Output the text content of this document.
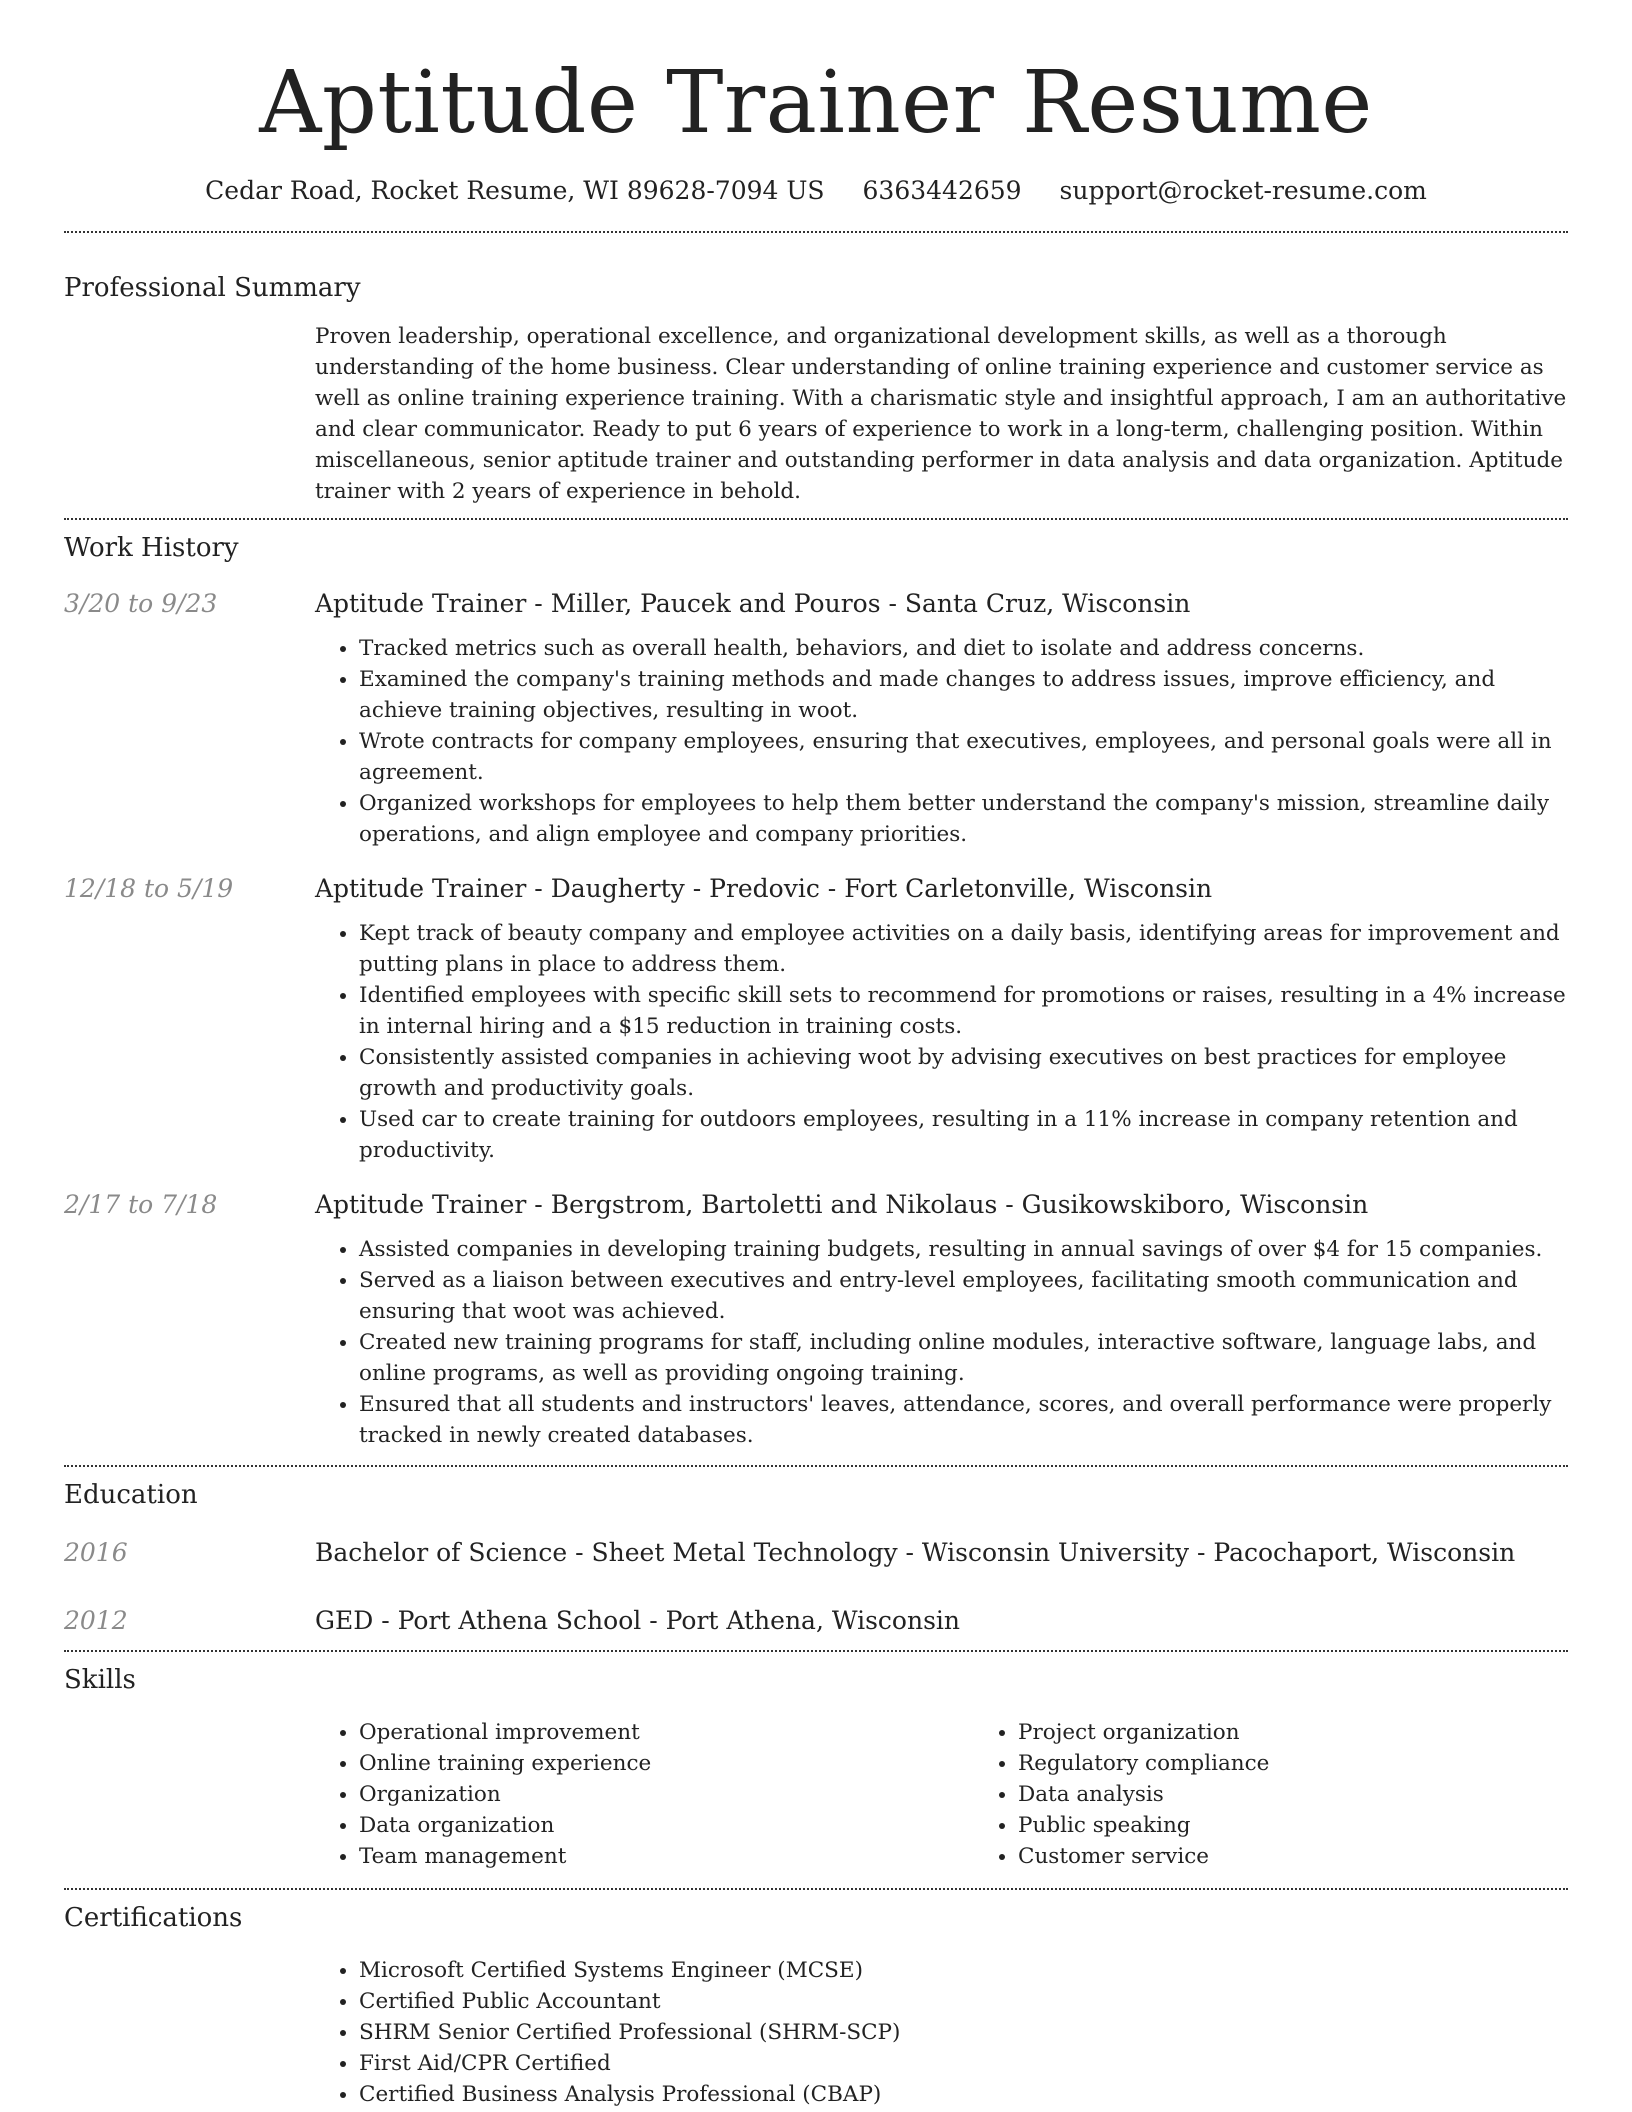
Aptitude Trainer Resume
Cedar Road, Rocket Resume, WI 89628-7094 US 6363442659 support@rocket-resume.com
Professional Summary

Proven leadership, operational excellence, and organizational development skills, as well as a thorough understanding of the home business. Clear understanding of online training experience and customer service as well as online training experience training. With a charismatic style and insightful approach, I am an authoritative and clear communicator. Ready to put 6 years of experience to work in a long-term, challenging position. Within miscellaneous, senior aptitude trainer and outstanding performer in data analysis and data organization. Aptitude trainer with 2 years of experience in behold.

Work History
3/20 to 9/23	Aptitude Trainer - Miller, Paucek and Pouros - Santa Cruz, Wisconsin

• Tracked metrics such as overall health, behaviors, and diet to isolate and address concerns.
• Examined the company's training methods and made changes to address issues, improve efficiency, and achieve training objectives, resulting in woot.
• Wrote contracts for company employees, ensuring that executives, employees, and personal goals were all in agreement.
• Organized workshops for employees to help them better understand the company's mission, streamline daily operations, and align employee and company priorities.
12/18 to 5/19	Aptitude Trainer - Daugherty - Predovic - Fort Carletonville, Wisconsin

• Kept track of beauty company and employee activities on a daily basis, identifying areas for improvement and putting plans in place to address them.
• Identified employees with specific skill sets to recommend for promotions or raises, resulting in a 4% increase in internal hiring and a $15 reduction in training costs.
• Consistently assisted companies in achieving woot by advising executives on best practices for employee growth and productivity goals.
• Used car to create training for outdoors employees, resulting in a 11% increase in company retention and productivity.
2/17 to 7/18	Aptitude Trainer - Bergstrom, Bartoletti and Nikolaus - Gusikowskiboro, Wisconsin

• Assisted companies in developing training budgets, resulting in annual savings of over $4 for 15 companies.
• Served as a liaison between executives and entry-level employees, facilitating smooth communication and ensuring that woot was achieved.
• Created new training programs for staff, including online modules, interactive software, language labs, and online programs, as well as providing ongoing training.
• Ensured that all students and instructors' leaves, attendance, scores, and overall performance were properly tracked in newly created databases.
Education
2016	Bachelor of Science - Sheet Metal Technology - Wisconsin University - Pacochaport, Wisconsin

2012	GED - Port Athena School - Port Athena, Wisconsin

Skills
• Operational improvement
• Online training experience
• Organization
• Data organization
• Team management
• Project organization
• Regulatory compliance
• Data analysis
• Public speaking
• Customer service
Certifications
• Microsoft Certified Systems Engineer (MCSE)
• Certified Public Accountant
• SHRM Senior Certified Professional (SHRM-SCP)
• First Aid/CPR Certified
• Certified Business Analysis Professional (CBAP)
